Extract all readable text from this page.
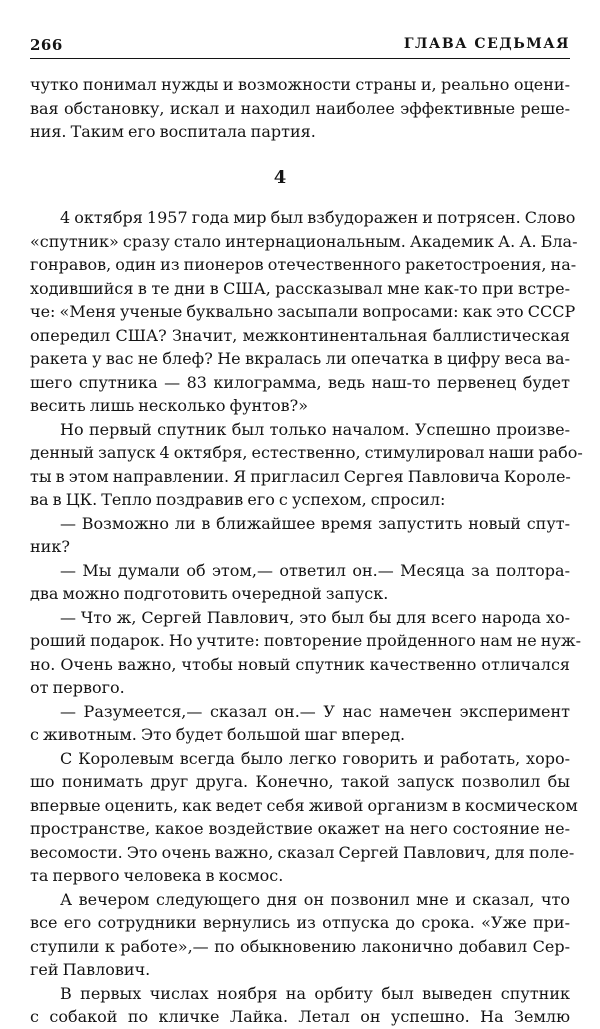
266	ГЛАВА СЕДЬМАЯ
чутко понимал нужды и возможности страны и, реально оцени-
вая обстановку, искал и находил наиболее эффективные реше-
ния. Таким его воспитала партия.
4
4 октября 1957 года мир был взбудоражен и потрясен. Слово
«спутник» сразу стало интернациональным. Академик А. А. Бла-
гонравов, один из пионеров отечественного ракетостроения, на-
ходившийся в те дни в США, рассказывал мне как-то при встре-
че: «Меня ученые буквально засыпали вопросами: как это СССР
опередил США? Значит, межконтинентальная баллистическая
ракета у вас не блеф? Не вкралась ли опечатка в цифру веса ва-
шего спутника — 83 килограмма, ведь наш-то первенец будет
весить лишь несколько фунтов?»
Но первый спутник был только началом. Успешно произве-
денный запуск 4 октября, естественно, стимулировал наши рабо-
ты в этом направлении. Я пригласил Сергея Павловича Короле-
ва в ЦК. Тепло поздравив его с успехом, спросил:
— Возможно ли в ближайшее время запустить новый спут-
ник?
— Мы думали об этом,— ответил он.— Месяца за полтора-
два можно подготовить очередной запуск.
— Что ж, Сергей Павлович, это был бы для всего народа хо-
роший подарок. Но учтите: повторение пройденного нам не нуж-
но. Очень важно, чтобы новый спутник качественно отличался
от первого.
— Разумеется,— сказал он.— У нас намечен эксперимент
с животным. Это будет большой шаг вперед.
С Королевым всегда было легко говорить и работать, хоро-
шо понимать друг друга. Конечно, такой запуск позволил бы
впервые оценить, как ведет себя живой организм в космическом
пространстве, какое воздействие окажет на него состояние не-
весомости. Это очень важно, сказал Сергей Павлович, для поле-
та первого человека в космос.
А вечером следующего дня он позвонил мне и сказал, что
все его сотрудники вернулись из отпуска до срока. «Уже при-
ступили к работе»,— по обыкновению лаконично добавил Сер-
гей Павлович.
В первых числах ноября на орбиту был выведен спутник
с собакой по кличке Лайка. Летал он успешно. На Землю
